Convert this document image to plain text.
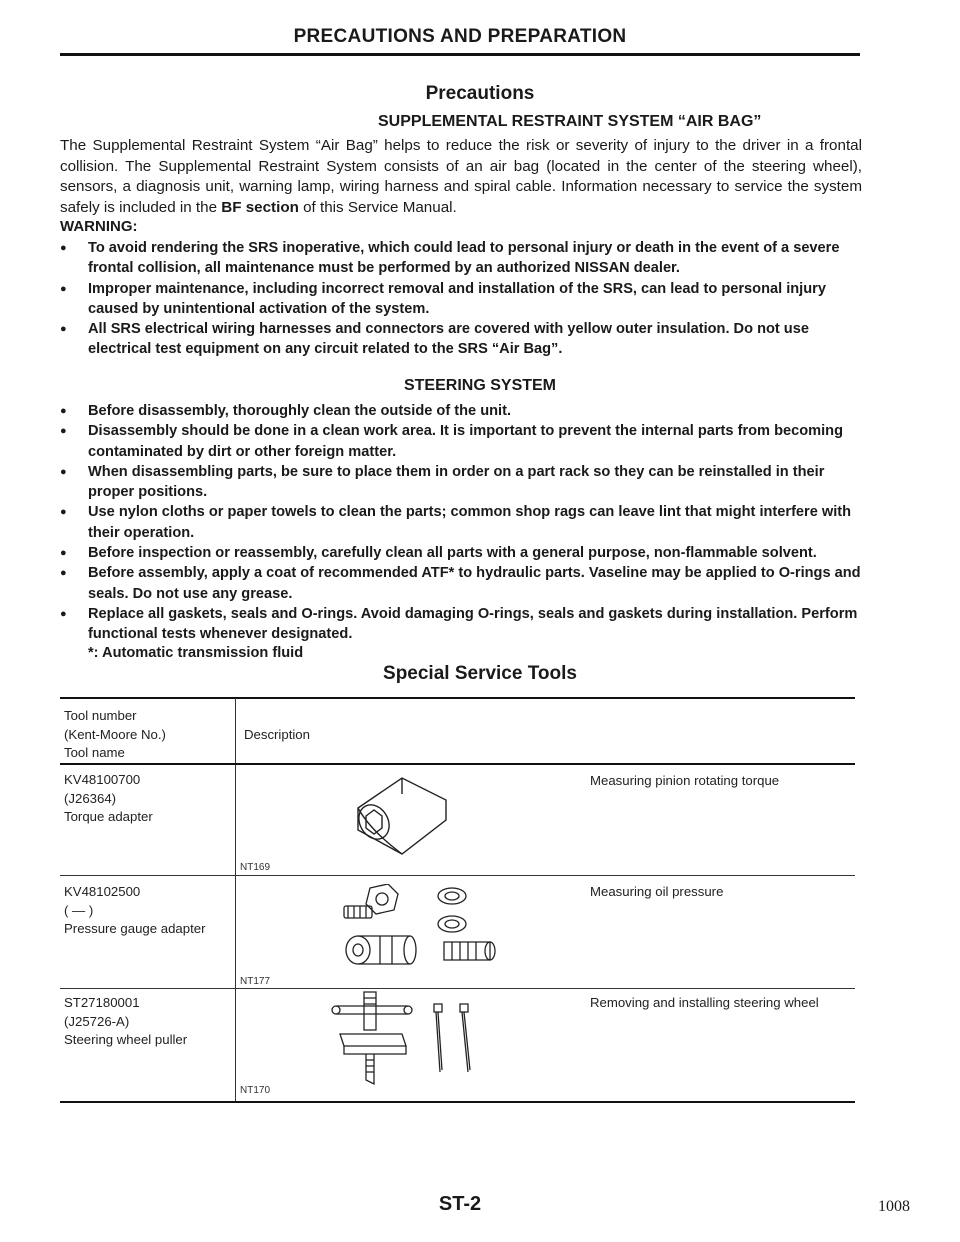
PRECAUTIONS AND PREPARATION
Precautions
SUPPLEMENTAL RESTRAINT SYSTEM “AIR BAG”

The Supplemental Restraint System “Air Bag” helps to reduce the risk or severity of injury to the driver in a frontal collision. The Supplemental Restraint System consists of an air bag (located in the center of the steering wheel), sensors, a diagnosis unit, warning lamp, wiring harness and spiral cable. Information necessary to service the system safely is included in the BF section of this Service Manual.

WARNING:
● To avoid rendering the SRS inoperative, which could lead to personal injury or death in the event of a severe frontal collision, all maintenance must be performed by an authorized NISSAN dealer.
● Improper maintenance, including incorrect removal and installation of the SRS, can lead to personal injury caused by unintentional activation of the system.
● All SRS electrical wiring harnesses and connectors are covered with yellow outer insulation. Do not use electrical test equipment on any circuit related to the SRS “Air Bag”.
STEERING SYSTEM
● Before disassembly, thoroughly clean the outside of the unit.
● Disassembly should be done in a clean work area. It is important to prevent the internal parts from becoming contaminated by dirt or other foreign matter.
● When disassembling parts, be sure to place them in order on a part rack so they can be reinstalled in their proper positions.
● Use nylon cloths or paper towels to clean the parts; common shop rags can leave lint that might interfere with their operation.
● Before inspection or reassembly, carefully clean all parts with a general purpose, non-flammable solvent.
● Before assembly, apply a coat of recommended ATF* to hydraulic parts. Vaseline may be applied to O-rings and seals. Do not use any grease.
● Replace all gaskets, seals and O-rings. Avoid damaging O-rings, seals and gaskets during installation. Perform functional tests whenever designated.
*: Automatic transmission fluid
Special Service Tools
Tool number
(Kent-Moore No.)
Tool name
Description
KV48100700
(J26364)
Torque adapter
Measuring pinion rotating torque
NT169
KV48102500
( — )
Pressure gauge adapter
Measuring oil pressure
NT177
ST27180001
(J25726-A)
Steering wheel puller
Removing and installing steering wheel
NT170
ST-2	1008
